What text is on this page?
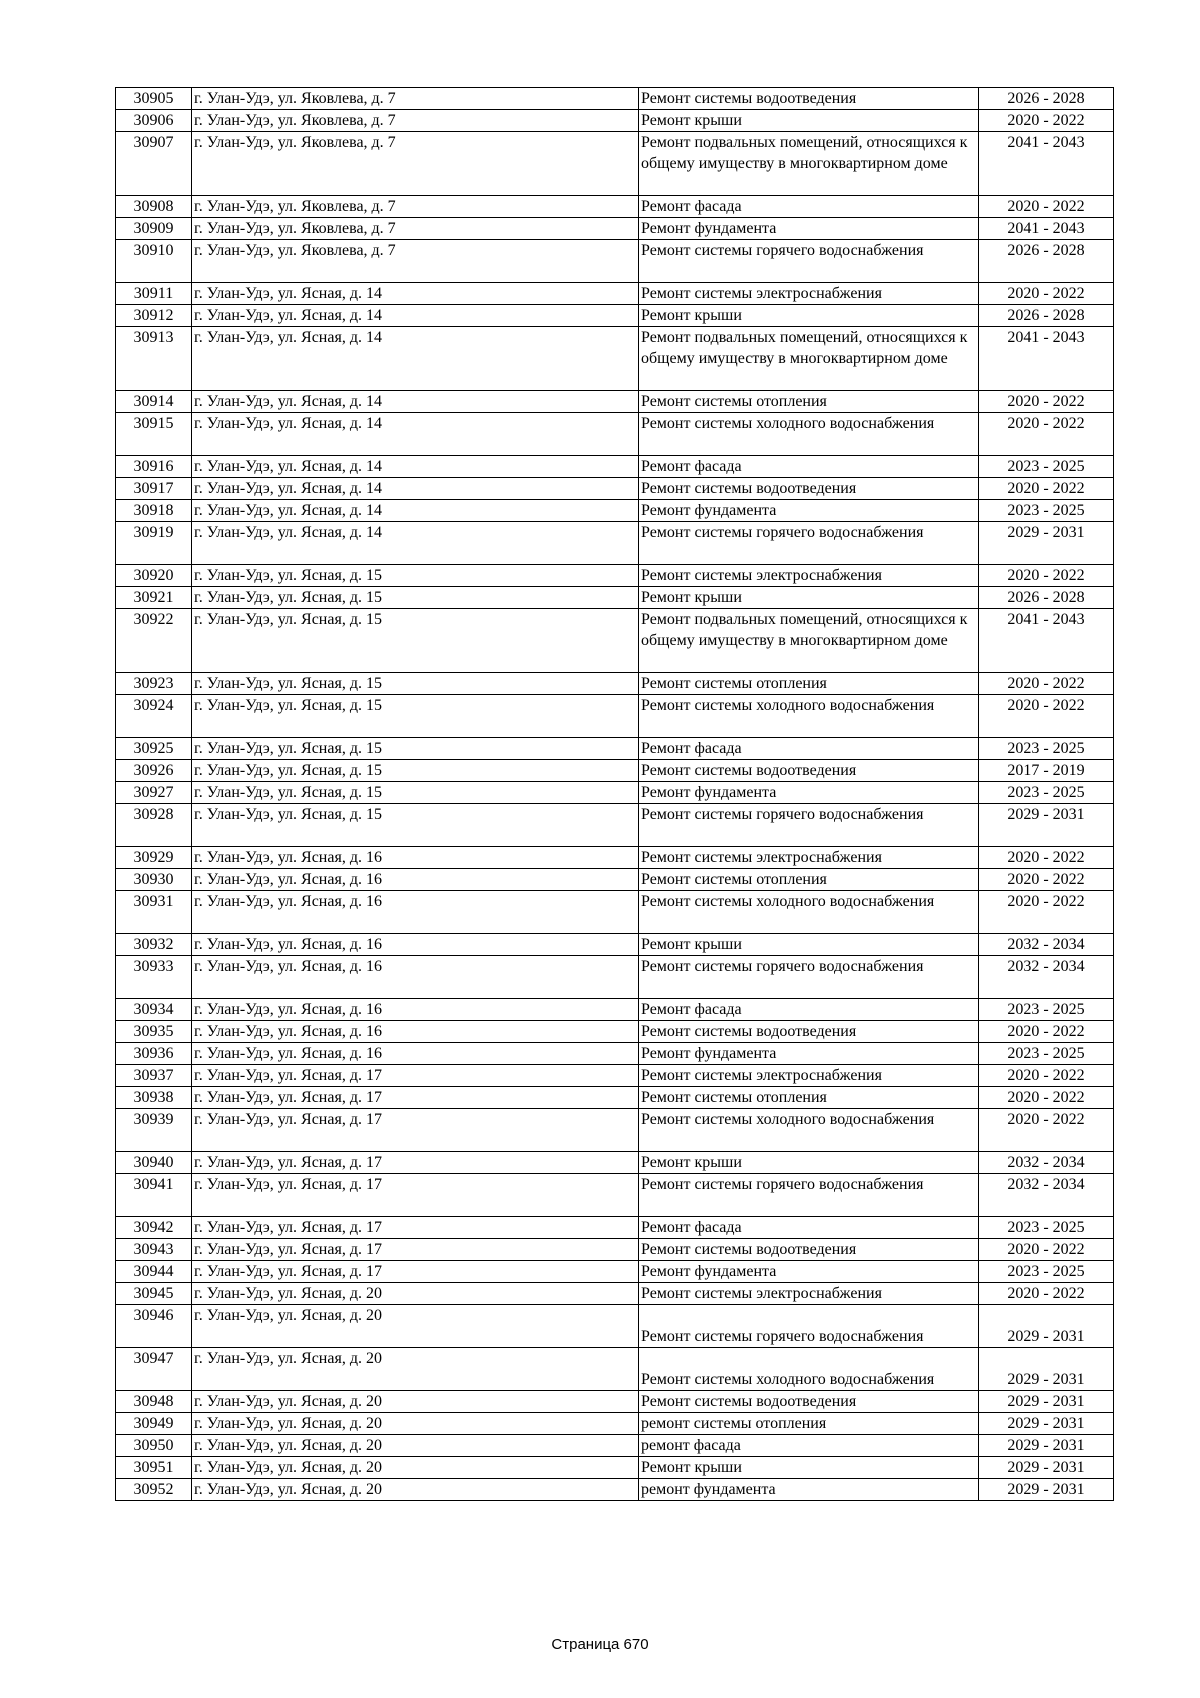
30905	г. Улан-Удэ, ул. Яковлева, д. 7	Ремонт системы водоотведения	2026 - 2028
30906	г. Улан-Удэ, ул. Яковлева, д. 7	Ремонт крыши	2020 - 2022
30907	г. Улан-Удэ, ул. Яковлева, д. 7	Ремонт подвальных помещений, относящихся к общему имуществу в многоквартирном доме	2041 - 2043
30908	г. Улан-Удэ, ул. Яковлева, д. 7	Ремонт фасада	2020 - 2022
30909	г. Улан-Удэ, ул. Яковлева, д. 7	Ремонт фундамента	2041 - 2043
30910	г. Улан-Удэ, ул. Яковлева, д. 7	Ремонт системы горячего водоснабжения	2026 - 2028
30911	г. Улан-Удэ, ул. Ясная, д. 14	Ремонт системы электроснабжения	2020 - 2022
30912	г. Улан-Удэ, ул. Ясная, д. 14	Ремонт крыши	2026 - 2028
30913	г. Улан-Удэ, ул. Ясная, д. 14	Ремонт подвальных помещений, относящихся к общему имуществу в многоквартирном доме	2041 - 2043
30914	г. Улан-Удэ, ул. Ясная, д. 14	Ремонт системы отопления	2020 - 2022
30915	г. Улан-Удэ, ул. Ясная, д. 14	Ремонт системы холодного водоснабжения	2020 - 2022
30916	г. Улан-Удэ, ул. Ясная, д. 14	Ремонт фасада	2023 - 2025
30917	г. Улан-Удэ, ул. Ясная, д. 14	Ремонт системы водоотведения	2020 - 2022
30918	г. Улан-Удэ, ул. Ясная, д. 14	Ремонт фундамента	2023 - 2025
30919	г. Улан-Удэ, ул. Ясная, д. 14	Ремонт системы горячего водоснабжения	2029 - 2031
30920	г. Улан-Удэ, ул. Ясная, д. 15	Ремонт системы электроснабжения	2020 - 2022
30921	г. Улан-Удэ, ул. Ясная, д. 15	Ремонт крыши	2026 - 2028
30922	г. Улан-Удэ, ул. Ясная, д. 15	Ремонт подвальных помещений, относящихся к общему имуществу в многоквартирном доме	2041 - 2043
30923	г. Улан-Удэ, ул. Ясная, д. 15	Ремонт системы отопления	2020 - 2022
30924	г. Улан-Удэ, ул. Ясная, д. 15	Ремонт системы холодного водоснабжения	2020 - 2022
30925	г. Улан-Удэ, ул. Ясная, д. 15	Ремонт фасада	2023 - 2025
30926	г. Улан-Удэ, ул. Ясная, д. 15	Ремонт системы водоотведения	2017 - 2019
30927	г. Улан-Удэ, ул. Ясная, д. 15	Ремонт фундамента	2023 - 2025
30928	г. Улан-Удэ, ул. Ясная, д. 15	Ремонт системы горячего водоснабжения	2029 - 2031
30929	г. Улан-Удэ, ул. Ясная, д. 16	Ремонт системы электроснабжения	2020 - 2022
30930	г. Улан-Удэ, ул. Ясная, д. 16	Ремонт системы отопления	2020 - 2022
30931	г. Улан-Удэ, ул. Ясная, д. 16	Ремонт системы холодного водоснабжения	2020 - 2022
30932	г. Улан-Удэ, ул. Ясная, д. 16	Ремонт крыши	2032 - 2034
30933	г. Улан-Удэ, ул. Ясная, д. 16	Ремонт системы горячего водоснабжения	2032 - 2034
30934	г. Улан-Удэ, ул. Ясная, д. 16	Ремонт фасада	2023 - 2025
30935	г. Улан-Удэ, ул. Ясная, д. 16	Ремонт системы водоотведения	2020 - 2022
30936	г. Улан-Удэ, ул. Ясная, д. 16	Ремонт фундамента	2023 - 2025
30937	г. Улан-Удэ, ул. Ясная, д. 17	Ремонт системы электроснабжения	2020 - 2022
30938	г. Улан-Удэ, ул. Ясная, д. 17	Ремонт системы отопления	2020 - 2022
30939	г. Улан-Удэ, ул. Ясная, д. 17	Ремонт системы холодного водоснабжения	2020 - 2022
30940	г. Улан-Удэ, ул. Ясная, д. 17	Ремонт крыши	2032 - 2034
30941	г. Улан-Удэ, ул. Ясная, д. 17	Ремонт системы горячего водоснабжения	2032 - 2034
30942	г. Улан-Удэ, ул. Ясная, д. 17	Ремонт фасада	2023 - 2025
30943	г. Улан-Удэ, ул. Ясная, д. 17	Ремонт системы водоотведения	2020 - 2022
30944	г. Улан-Удэ, ул. Ясная, д. 17	Ремонт фундамента	2023 - 2025
30945	г. Улан-Удэ, ул. Ясная, д. 20	Ремонт системы электроснабжения	2020 - 2022
30946	г. Улан-Удэ, ул. Ясная, д. 20	Ремонт системы горячего водоснабжения	2029 - 2031
30947	г. Улан-Удэ, ул. Ясная, д. 20	Ремонт системы холодного водоснабжения	2029 - 2031
30948	г. Улан-Удэ, ул. Ясная, д. 20	Ремонт системы водоотведения	2029 - 2031
30949	г. Улан-Удэ, ул. Ясная, д. 20	ремонт системы отопления	2029 - 2031
30950	г. Улан-Удэ, ул. Ясная, д. 20	ремонт фасада	2029 - 2031
30951	г. Улан-Удэ, ул. Ясная, д. 20	Ремонт крыши	2029 - 2031
30952	г. Улан-Удэ, ул. Ясная, д. 20	ремонт фундамента	2029 - 2031
Страница 670
